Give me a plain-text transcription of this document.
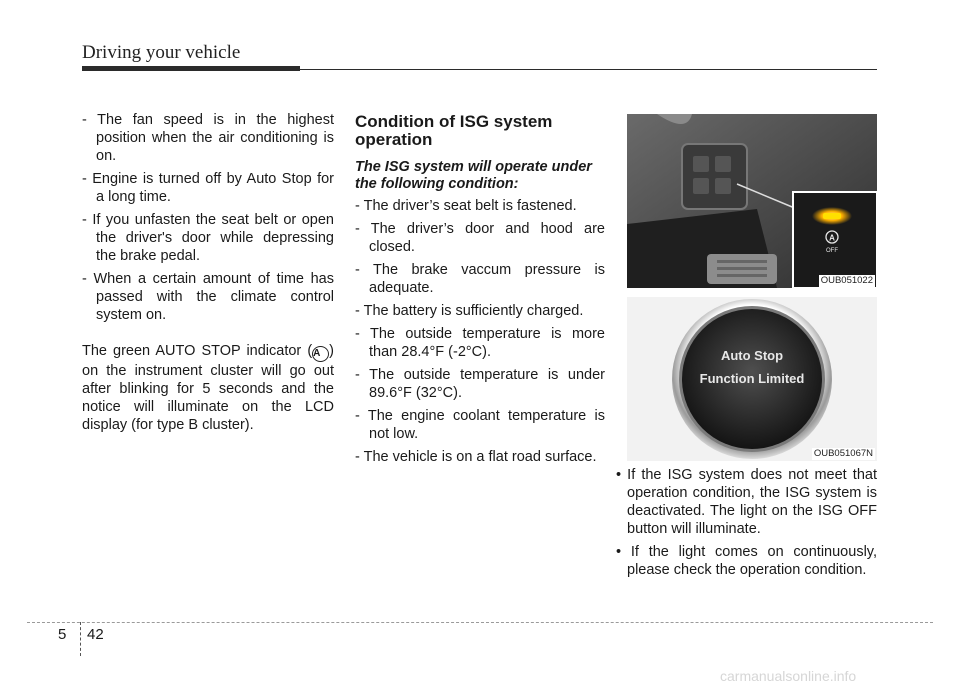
Driving your vehicle
- The fan speed is in the highest position when the air conditioning is on.
- Engine is turned off by Auto Stop for a long time.
- If you unfasten the seat belt or open the driver's door while depressing the brake pedal.
- When a certain amount of time has passed with the climate control system on.
The green AUTO STOP indicator (A ) on the instrument cluster will go out after blinking for 5 seconds and the notice will illuminate on the LCD display (for type B cluster).
Condition of ISG system operation
The ISG system will operate under the following condition:
- The driver’s seat belt is fastened.
- The driver’s door and hood are closed.
- The brake vaccum pressure is adequate.
- The battery is sufficiently charged.
- The outside temperature is more than 28.4°F (-2°C).
- The outside temperature is under 89.6°F (32°C).
- The engine coolant temperature is not low.
- The vehicle is on a flat road surface.
A
OFF
OUB051022
Auto Stop
Function Limited
OUB051067N
• If the ISG system does not meet that operation condition, the ISG system is deactivated. The light on the ISG OFF button will illuminate.
• If the light comes on continuously, please check the operation condition.
5 42
carmanualsonline.info
